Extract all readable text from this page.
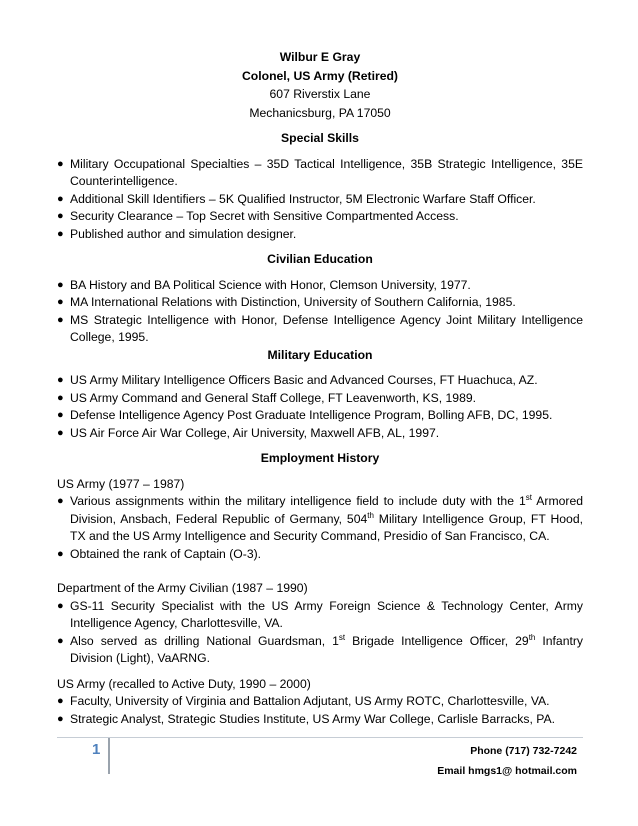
Wilbur E Gray
Colonel, US Army (Retired)
607 Riverstix Lane
Mechanicsburg, PA 17050
Special Skills
● Military Occupational Specialties – 35D Tactical Intelligence, 35B Strategic Intelligence, 35E Counterintelligence.
● Additional Skill Identifiers – 5K Qualified Instructor, 5M Electronic Warfare Staff Officer.
● Security Clearance – Top Secret with Sensitive Compartmented Access.
● Published author and simulation designer.
Civilian Education
● BA History and BA Political Science with Honor, Clemson University, 1977.
● MA International Relations with Distinction, University of Southern California, 1985.
● MS Strategic Intelligence with Honor, Defense Intelligence Agency Joint Military Intelligence College, 1995.
Military Education
● US Army Military Intelligence Officers Basic and Advanced Courses, FT Huachuca, AZ.
● US Army Command and General Staff College, FT Leavenworth, KS, 1989.
● Defense Intelligence Agency Post Graduate Intelligence Program, Bolling AFB, DC, 1995.
● US Air Force Air War College, Air University, Maxwell AFB, AL, 1997.
Employment History
US Army (1977 – 1987)
● Various assignments within the military intelligence field to include duty with the 1st Armored Division, Ansbach, Federal Republic of Germany, 504th Military Intelligence Group, FT Hood, TX and the US Army Intelligence and Security Command, Presidio of San Francisco, CA.
● Obtained the rank of Captain (O-3).
Department of the Army Civilian (1987 – 1990)
● GS-11 Security Specialist with the US Army Foreign Science & Technology Center, Army Intelligence Agency, Charlottesville, VA.
● Also served as drilling National Guardsman, 1st Brigade Intelligence Officer, 29th Infantry Division (Light), VaARNG.
US Army (recalled to Active Duty, 1990 – 2000)
● Faculty, University of Virginia and Battalion Adjutant, US Army ROTC, Charlottesville, VA.
● Strategic Analyst, Strategic Studies Institute, US Army War College, Carlisle Barracks, PA.
1	Phone (717) 732-7242
Email hmgs1@ hotmail.com
